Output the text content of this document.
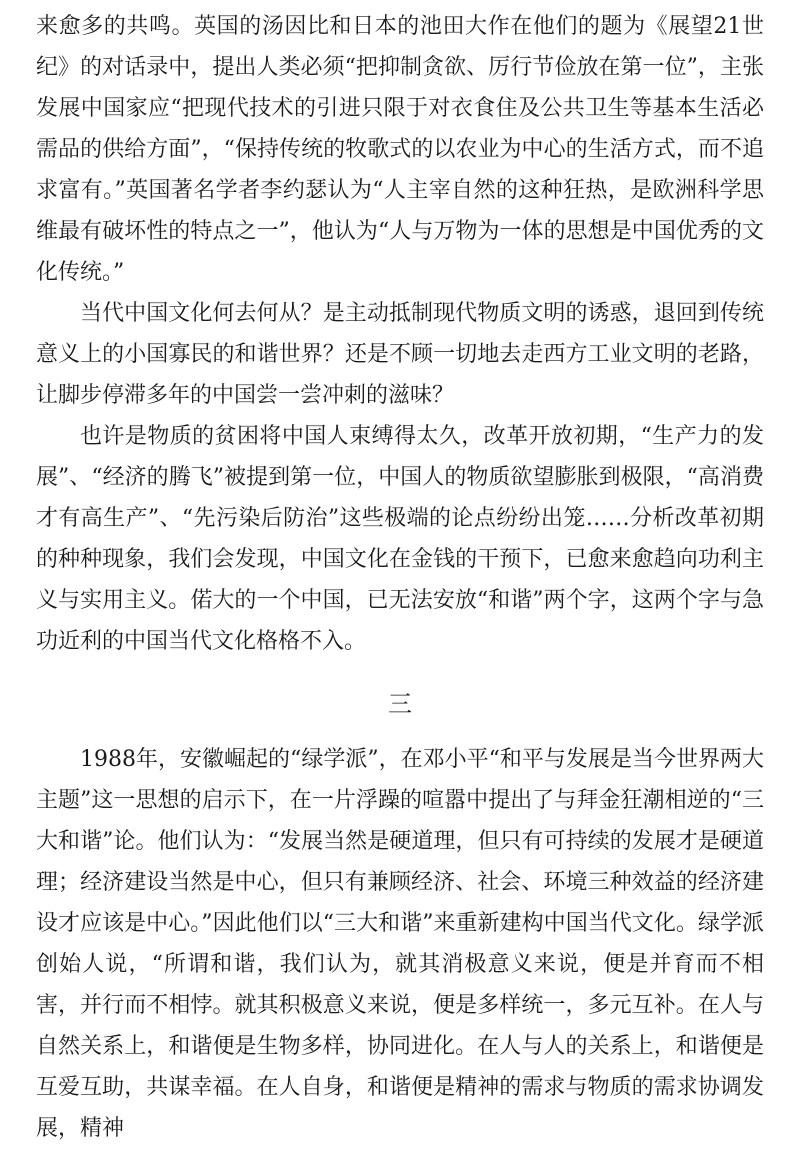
来愈多的共鸣。英国的汤因比和日本的池田大作在他们的题为《展望21世纪》的对话录中，提出人类必须“把抑制贪欲、厉行节俭放在第一位”，主张发展中国家应“把现代技术的引进只限于对衣食住及公共卫生等基本生活必需品的供给方面”，“保持传统的牧歌式的以农业为中心的生活方式，而不追求富有。”英国著名学者李约瑟认为“人主宰自然的这种狂热，是欧洲科学思维最有破坏性的特点之一”，他认为“人与万物为一体的思想是中国优秀的文化传统。”

当代中国文化何去何从？是主动抵制现代物质文明的诱惑，退回到传统意义上的小国寡民的和谐世界？还是不顾一切地去走西方工业文明的老路，让脚步停滞多年的中国尝一尝冲刺的滋味？

也许是物质的贫困将中国人束缚得太久，改革开放初期，“生产力的发展”、“经济的腾飞”被提到第一位，中国人的物质欲望膨胀到极限，“高消费才有高生产”、“先污染后防治”这些极端的论点纷纷出笼……分析改革初期的种种现象，我们会发现，中国文化在金钱的干预下，已愈来愈趋向功利主义与实用主义。偌大的一个中国，已无法安放“和谐”两个字，这两个字与急功近利的中国当代文化格格不入。

三

1988年，安徽崛起的“绿学派”，在邓小平“和平与发展是当今世界两大主题”这一思想的启示下，在一片浮躁的喧嚣中提出了与拜金狂潮相逆的“三大和谐”论。他们认为：“发展当然是硬道理，但只有可持续的发展才是硬道理；经济建设当然是中心，但只有兼顾经济、社会、环境三种效益的经济建设才应该是中心。”因此他们以“三大和谐”来重新建构中国当代文化。绿学派创始人说，“所谓和谐，我们认为，就其消极意义来说，便是并育而不相害，并行而不相悖。就其积极意义来说，便是多样统一，多元互补。在人与自然关系上，和谐便是生物多样，协同进化。在人与人的关系上，和谐便是互爱互助，共谋幸福。在人自身，和谐便是精神的需求与物质的需求协调发展，精神
